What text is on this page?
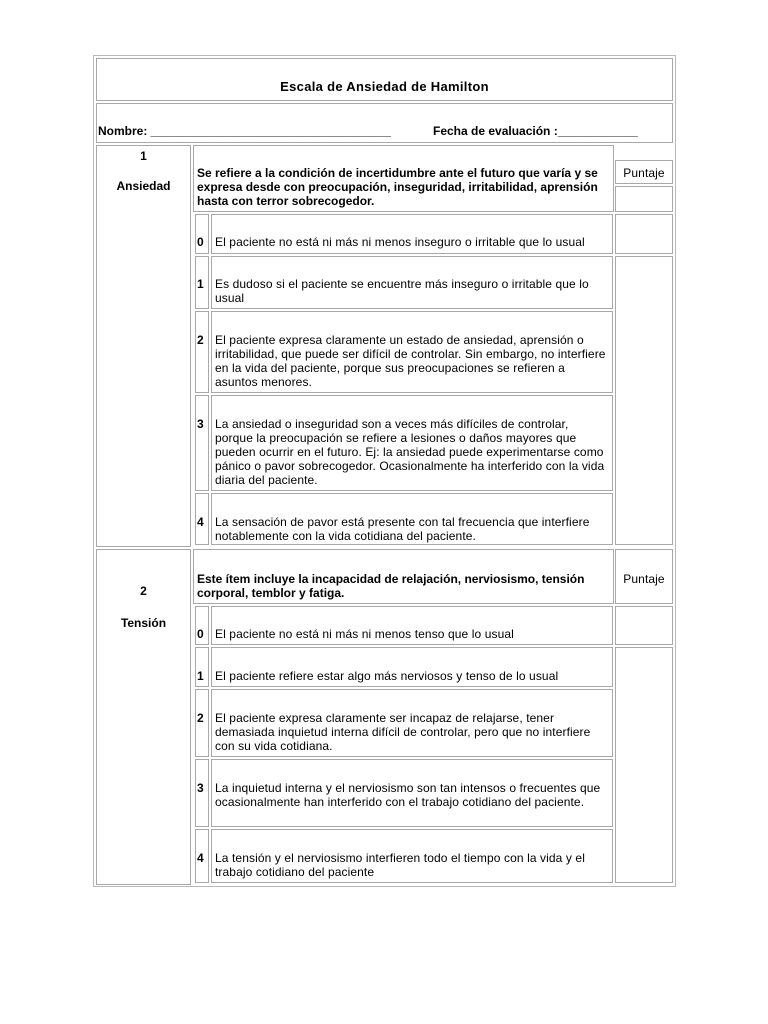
Escala de Ansiedad de Hamilton
Nombre: ____________________________________	Fecha de evaluación :____________
1
Ansiedad
Se refiere a la condición de incertidumbre ante el futuro que varía y se expresa desde con preocupación, inseguridad, irritabilidad, aprensión hasta con terror sobrecogedor.
Puntaje
0 El paciente no está ni más ni menos inseguro o irritable que lo usual
1 Es dudoso si el paciente se encuentre más inseguro o irritable que lo usual
2 El paciente expresa claramente un estado de ansiedad, aprensión o irritabilidad, que puede ser difícil de controlar. Sin embargo, no interfiere en la vida del paciente, porque sus preocupaciones se refieren a asuntos menores.
3 La ansiedad o inseguridad son a veces más difíciles de controlar, porque la preocupación se refiere a lesiones o daños mayores que pueden ocurrir en el futuro. Ej: la ansiedad puede experimentarse como pánico o pavor sobrecogedor. Ocasionalmente ha interferido con la vida diaria del paciente.
4 La sensación de pavor está presente con tal frecuencia que interfiere notablemente con la vida cotidiana del paciente.
2
Tensión
Este ítem incluye la incapacidad de relajación, nerviosismo, tensión corporal, temblor y fatiga.
Puntaje
0 El paciente no está ni más ni menos tenso que lo usual
1 El paciente refiere estar algo más nerviosos y tenso de lo usual
2 El paciente expresa claramente ser incapaz de relajarse, tener demasiada inquietud interna difícil de controlar, pero que no interfiere con su vida cotidiana.
3 La inquietud interna y el nerviosismo son tan intensos o frecuentes que ocasionalmente han interferido con el trabajo cotidiano del paciente.
4 La tensión y el nerviosismo interfieren todo el tiempo con la vida y el trabajo cotidiano del paciente
